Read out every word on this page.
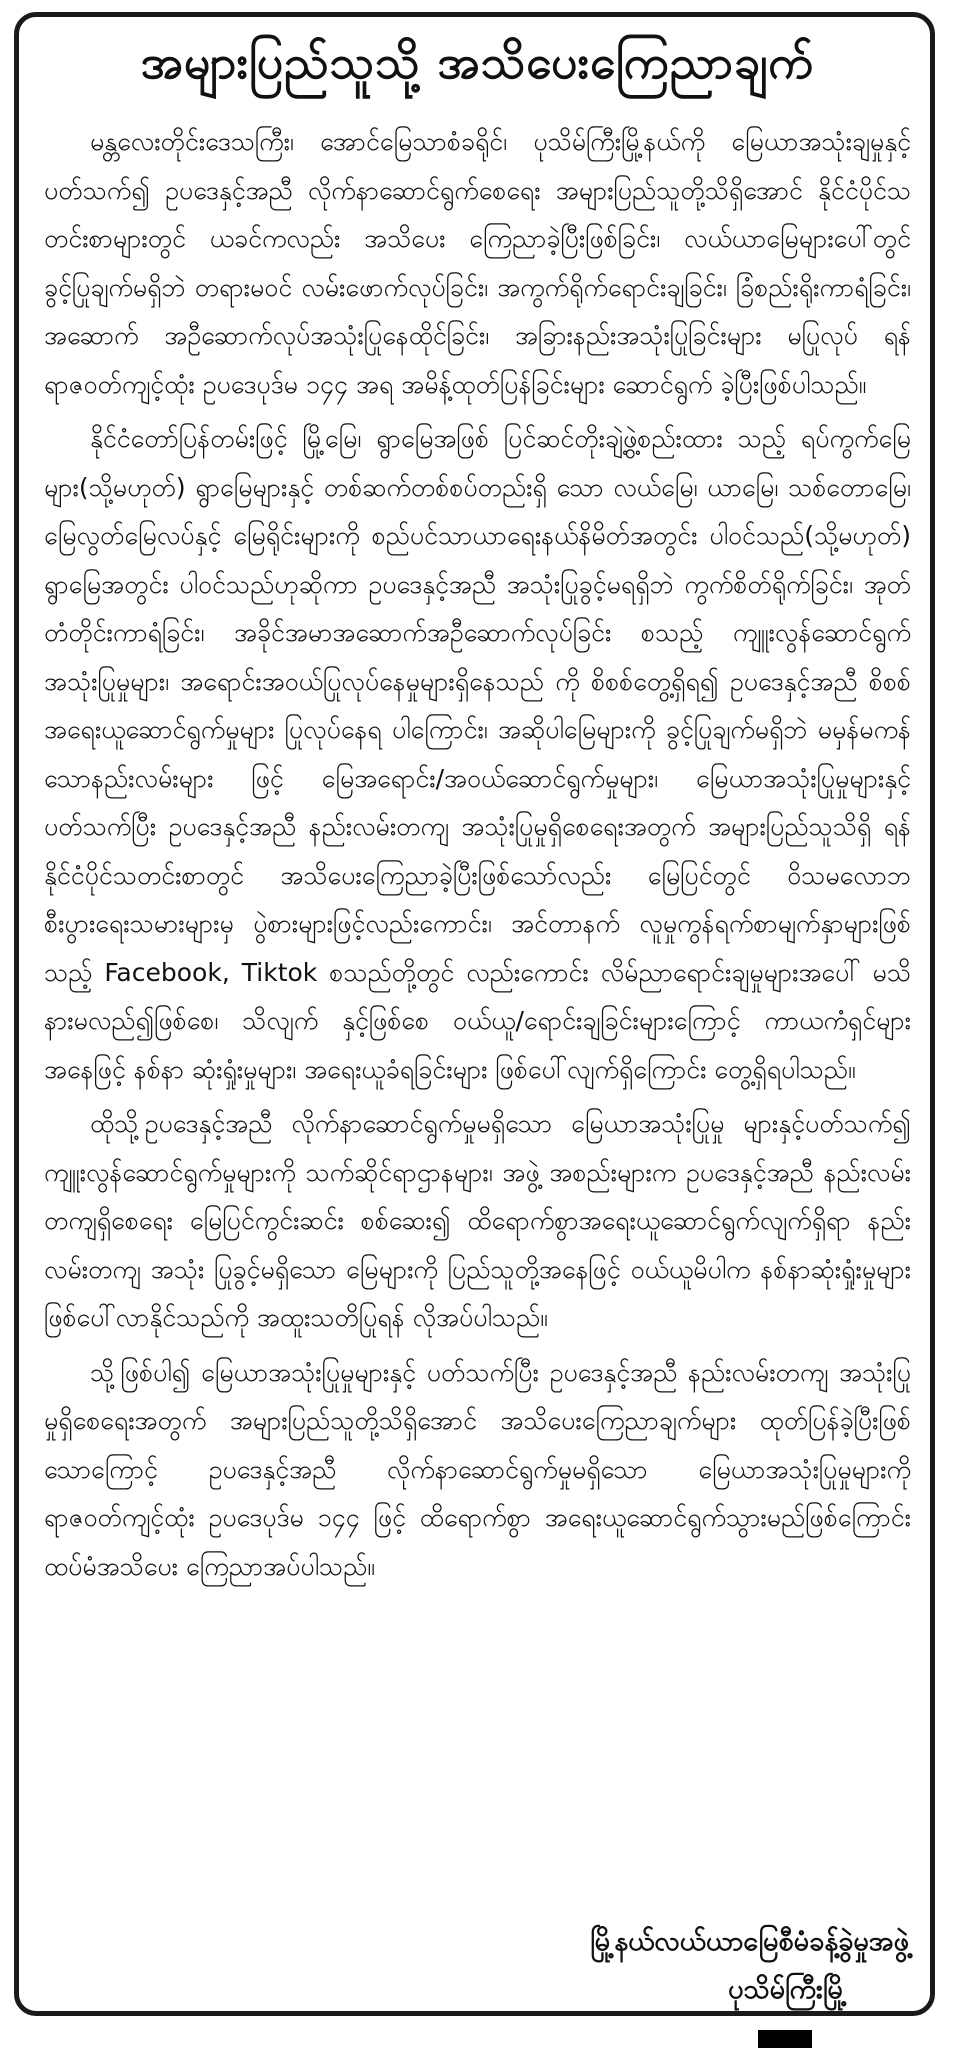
အများပြည်သူသို့ အသိပေးကြေညာချက်

မန္တလေးတိုင်းဒေသကြီး၊ အောင်မြေသာစံခရိုင်၊ ပုသိမ်ကြီးမြို့နယ်ကို မြေယာအသုံးချမှုနှင့်ပတ်သက်၍ ဥပဒေနှင့်အညီ လိုက်နာဆောင်ရွက်စေရေး အများပြည်သူတို့သိရှိအောင် နိုင်ငံပိုင်သတင်းစာများတွင် ယခင်ကလည်း အသိပေး ကြေညာခဲ့ပြီးဖြစ်ခြင်း၊ လယ်ယာမြေများပေါ်တွင် ခွင့်ပြုချက်မရှိဘဲ တရားမဝင် လမ်းဖောက်လုပ်ခြင်း၊ အကွက်ရိုက်ရောင်းချခြင်း၊ ခြံစည်းရိုးကာရံခြင်း၊ အဆောက် အဦဆောက်လုပ်အသုံးပြုနေထိုင်ခြင်း၊ အခြားနည်းအသုံးပြုခြင်းများ မပြုလုပ် ရန် ရာဇဝတ်ကျင့်ထုံး ဥပဒေပုဒ်မ ၁၄၄ အရ အမိန့်ထုတ်ပြန်ခြင်းများ ဆောင်ရွက် ခဲ့ပြီးဖြစ်ပါသည်။

နိုင်ငံတော်ပြန်တမ်းဖြင့် မြို့မြေ၊ ရွာမြေအဖြစ် ပြင်ဆင်တိုးချဲ့ဖွဲ့စည်းထား သည့် ရပ်ကွက်မြေများ(သို့မဟုတ်) ရွာမြေများနှင့် တစ်ဆက်တစ်စပ်တည်းရှိ သော လယ်မြေ၊ ယာမြေ၊ သစ်တောမြေ၊ မြေလွတ်မြေလပ်နှင့် မြေရိုင်းများကို စည်ပင်သာယာရေးနယ်နိမိတ်အတွင်း ပါဝင်သည်(သို့မဟုတ်) ရွာမြေအတွင်း ပါဝင်သည်ဟုဆိုကာ ဥပဒေနှင့်အညီ အသုံးပြုခွင့်မရရှိဘဲ ကွက်စိတ်ရိုက်ခြင်း၊ အုတ်တံတိုင်းကာရံခြင်း၊ အခိုင်အမာအဆောက်အဦဆောက်လုပ်ခြင်း စသည့် ကျူးလွန်ဆောင်ရွက်အသုံးပြုမှုများ၊ အရောင်းအဝယ်ပြုလုပ်နေမှုများရှိနေသည် ကို စိစစ်တွေ့ရှိရ၍ ဥပဒေနှင့်အညီ စိစစ်အရေးယူဆောင်ရွက်မှုများ ပြုလုပ်နေရ ပါကြောင်း၊ အဆိုပါမြေများကို ခွင့်ပြုချက်မရှိဘဲ မမှန်မကန်သောနည်းလမ်းများ ဖြင့် မြေအရောင်း/အဝယ်ဆောင်ရွက်မှုများ၊ မြေယာအသုံးပြုမှုများနှင့် ပတ်သက်ပြီး ဥပဒေနှင့်အညီ နည်းလမ်းတကျ အသုံးပြုမှုရှိစေရေးအတွက် အများပြည်သူသိရှိ ရန် နိုင်ငံပိုင်သတင်းစာတွင် အသိပေးကြေညာခဲ့ပြီးဖြစ်သော်လည်း မြေပြင်တွင် ဝိသမလောဘစီးပွားရေးသမားများမှ ပွဲစားများဖြင့်လည်းကောင်း၊ အင်တာနက် လူမှုကွန်ရက်စာမျက်နှာများဖြစ်သည့် Facebook, Tiktok စသည်တို့တွင် လည်းကောင်း လိမ်ညာရောင်းချမှုများအပေါ် မသိနားမလည်၍ဖြစ်စေ၊ သိလျက် နှင့်ဖြစ်စေ ဝယ်ယူ/ရောင်းချခြင်းများကြောင့် ကာယကံရှင်များအနေဖြင့် နစ်နာ ဆုံးရှုံးမှုများ၊ အရေးယူခံရခြင်းများ ဖြစ်ပေါ်လျက်ရှိကြောင်း တွေ့ရှိရပါသည်။

ထိုသို့ဥပဒေနှင့်အညီ လိုက်နာဆောင်ရွက်မှုမရှိသော မြေယာအသုံးပြုမှု များနှင့်ပတ်သက်၍ ကျူးလွန်ဆောင်ရွက်မှုများကို သက်ဆိုင်ရာဌာနများ၊ အဖွဲ့ အစည်းများက ဥပဒေနှင့်အညီ နည်းလမ်းတကျရှိစေရေး မြေပြင်ကွင်းဆင်း စစ်ဆေး၍ ထိရောက်စွာအရေးယူဆောင်ရွက်လျက်ရှိရာ နည်းလမ်းတကျ အသုံး ပြုခွင့်မရှိသော မြေများကို ပြည်သူတို့အနေဖြင့် ဝယ်ယူမိပါက နစ်နာဆုံးရှုံးမှုများ ဖြစ်ပေါ်လာနိုင်သည်ကို အထူးသတိပြုရန် လိုအပ်ပါသည်။

သို့ဖြစ်ပါ၍ မြေယာအသုံးပြုမှုများနှင့် ပတ်သက်ပြီး ဥပဒေနှင့်အညီ နည်းလမ်းတကျ အသုံးပြုမှုရှိစေရေးအတွက် အများပြည်သူတို့သိရှိအောင် အသိပေးကြေညာချက်များ ထုတ်ပြန်ခဲ့ပြီးဖြစ်သောကြောင့် ဥပဒေနှင့်အညီ လိုက်နာဆောင်ရွက်မှုမရှိသော မြေယာအသုံးပြုမှုများကို ရာဇဝတ်ကျင့်ထုံး ဥပဒေပုဒ်မ ၁၄၄ ဖြင့် ထိရောက်စွာ အရေးယူဆောင်ရွက်သွားမည်ဖြစ်ကြောင်း ထပ်မံအသိပေး ကြေညာအပ်ပါသည်။

မြို့နယ်လယ်ယာမြေစီမံခန့်ခွဲမှုအဖွဲ့
ပုသိမ်ကြီးမြို့
